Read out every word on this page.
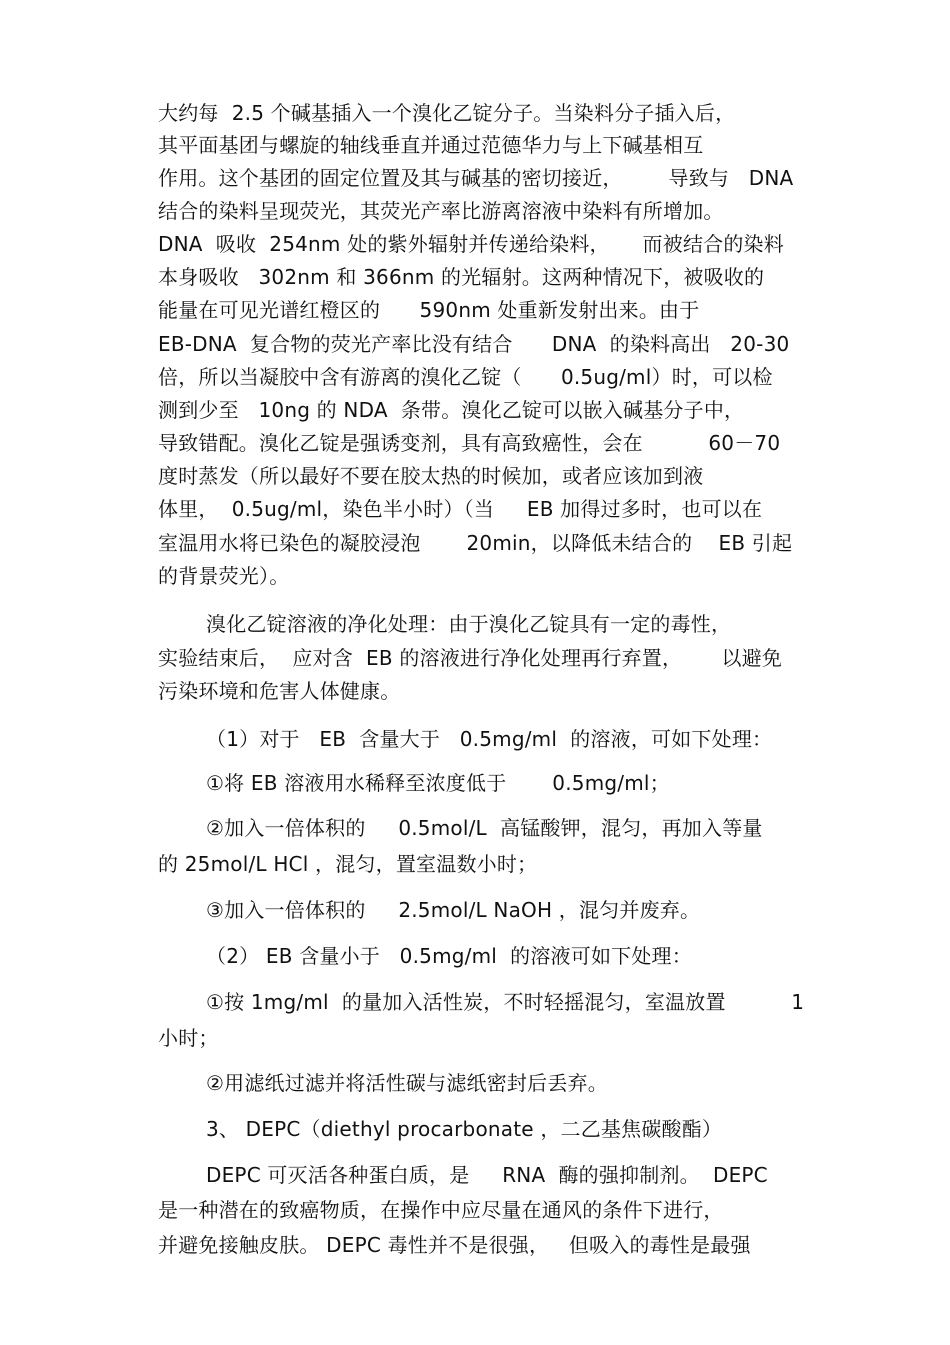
大约每  2.5 个碱基插入一个溴化乙锭分子。当染料分子插入后，
其平面基团与螺旋的轴线垂直并通过范德华力与上下碱基相互
作用。这个基团的固定位置及其与碱基的密切接近，       导致与   DNA
结合的染料呈现荧光，其荧光产率比游离溶液中染料有所增加。
DNA  吸收  254nm 处的紫外辐射并传递给染料，     而被结合的染料
本身吸收   302nm 和 366nm 的光辐射。这两种情况下，被吸收的
能量在可见光谱红橙区的      590nm 处重新发射出来。由于
EB-DNA  复合物的荧光产率比没有结合      DNA  的染料高出   20-30
倍，所以当凝胶中含有游离的溴化乙锭（      0.5ug/ml）时，可以检
测到少至   10ng 的 NDA  条带。溴化乙锭可以嵌入碱基分子中，
导致错配。溴化乙锭是强诱变剂，具有高致癌性，会在          60－70
度时蒸发（所以最好不要在胶太热的时候加，或者应该加到液
体里，  0.5ug/ml，染色半小时）（当     EB 加得过多时，也可以在
室温用水将已染色的凝胶浸泡       20min，以降低未结合的    EB 引起
的背景荧光）。
溴化乙锭溶液的净化处理：由于溴化乙锭具有一定的毒性，
实验结束后，  应对含  EB 的溶液进行净化处理再行弃置，      以避免
污染环境和危害人体健康。
（1）对于   EB  含量大于   0.5mg/ml  的溶液，可如下处理：
①将 EB 溶液用水稀释至浓度低于       0.5mg/ml；
②加入一倍体积的     0.5mol/L  高锰酸钾，混匀，再加入等量
的 25mol/L HCl ，混匀，置室温数小时；
③加入一倍体积的     2.5mol/L NaOH ，混匀并废弃。
（2） EB 含量小于   0.5mg/ml  的溶液可如下处理：
①按 1mg/ml  的量加入活性炭，不时轻摇混匀，室温放置          1
小时；
②用滤纸过滤并将活性碳与滤纸密封后丢弃。
3、 DEPC（diethyl procarbonate ，二乙基焦碳酸酯）
DEPC 可灭活各种蛋白质，是     RNA  酶的强抑制剂。  DEPC
是一种潜在的致癌物质，在操作中应尽量在通风的条件下进行，
并避免接触皮肤。 DEPC 毒性并不是很强，   但吸入的毒性是最强
